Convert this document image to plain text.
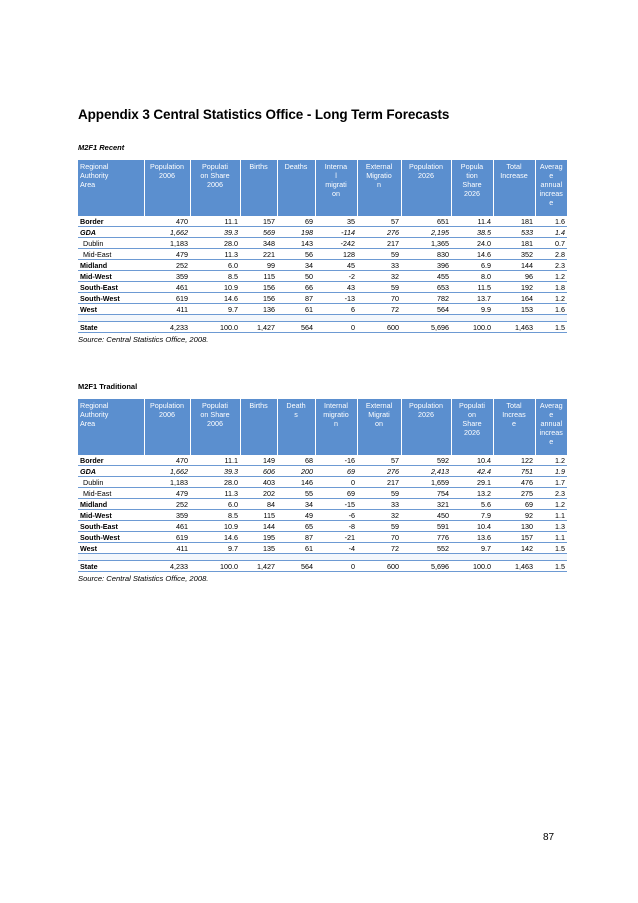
Appendix 3 Central Statistics Office - Long Term Forecasts
M2F1 Recent
Regional
Authority
Area	Population
2006	Populati
on Share
2006	Births	Deaths	Interna
l
migrati
on	External
Migratio
n	Population
2026	Popula
tion
Share
2026	Total
Increase	Averag
e
annual
increas
e

Border	470	11.1	157	69	35	57	651	11.4	181	1.6
GDA	1,662	39.3	569	198	-114	276	2,195	38.5	533	1.4
Dublin	1,183	28.0	348	143	-242	217	1,365	24.0	181	0.7
Mid-East	479	11.3	221	56	128	59	830	14.6	352	2.8
Midland	252	6.0	99	34	45	33	396	6.9	144	2.3
Mid-West	359	8.5	115	50	-2	32	455	8.0	96	1.2
South-East	461	10.9	156	66	43	59	653	11.5	192	1.8
South-West	619	14.6	156	87	-13	70	782	13.7	164	1.2
West	411	9.7	136	61	6	72	564	9.9	153	1.6

State	4,233	100.0	1,427	564	0	600	5,696	100.0	1,463	1.5
Source: Central Statistics Office, 2008.
M2F1 Traditional
Regional
Authority
Area	Population
2006	Populati
on Share
2006	Births	Death
s	Internal
migratio
n	External
Migrati
on	Population
2026	Populati
on
Share
2026	Total
Increas
e	Averag
e
annual
increas
e

Border	470	11.1	149	68	-16	57	592	10.4	122	1.2
GDA	1,662	39.3	606	200	69	276	2,413	42.4	751	1.9
Dublin	1,183	28.0	403	146	0	217	1,659	29.1	476	1.7
Mid-East	479	11.3	202	55	69	59	754	13.2	275	2.3
Midland	252	6.0	84	34	-15	33	321	5.6	69	1.2
Mid-West	359	8.5	115	49	-6	32	450	7.9	92	1.1
South-East	461	10.9	144	65	-8	59	591	10.4	130	1.3
South-West	619	14.6	195	87	-21	70	776	13.6	157	1.1
West	411	9.7	135	61	-4	72	552	9.7	142	1.5

State	4,233	100.0	1,427	564	0	600	5,696	100.0	1,463	1.5
Source: Central Statistics Office, 2008.
87
